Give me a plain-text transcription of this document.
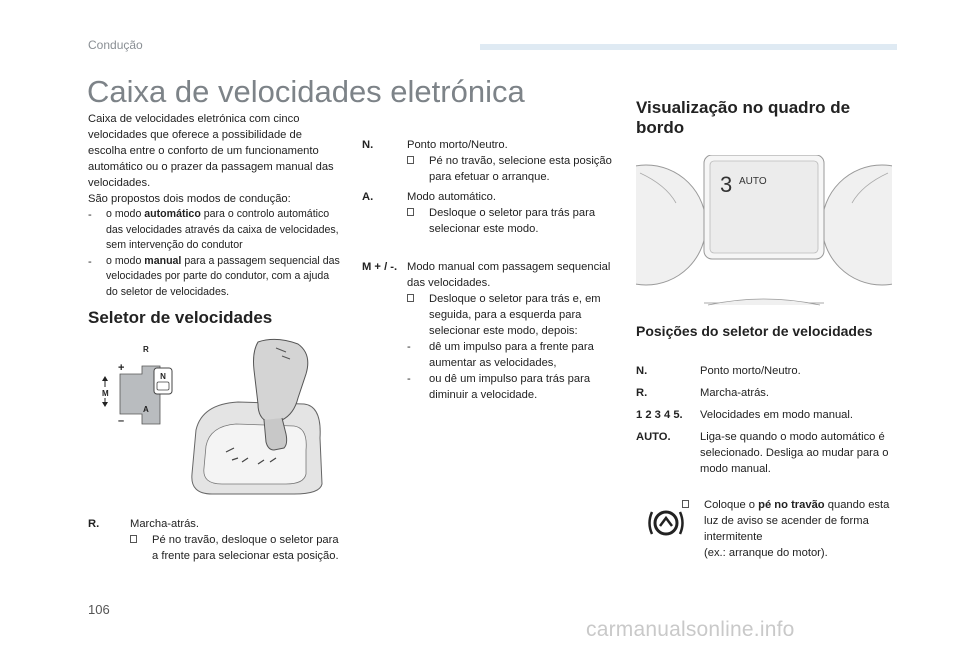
Condução
Caixa de velocidades eletrónica
Caixa de velocidades eletrónica com cinco velocidades que oferece a possibilidade de escolha entre o conforto de um funcionamento automático ou o prazer da passagem manual das velocidades.
São propostos dois modos de condução:
-	o modo automático para o controlo automático das velocidades através da caixa de velocidades, sem intervenção do condutor
-	o modo manual para a passagem sequencial das velocidades por parte do condutor, com a ajuda do seletor de velocidades.
Seletor de velocidades
N
R
A
M
+
–
R.	Marcha-atrás.
Pé no travão, desloque o seletor para a frente para selecionar esta posição.
N.	Ponto morto/Neutro.
Pé no travão, selecione esta posição para efetuar o arranque.
A.	Modo automático.
Desloque o seletor para trás para selecionar este modo.
M + / -. Modo manual com passagem sequencial das velocidades.
Desloque o seletor para trás e, em seguida, para a esquerda para selecionar este modo, depois:
-	dê um impulso para a frente para aumentar as velocidades,
-	ou dê um impulso para trás para diminuir a velocidade.
Visualização no quadro de bordo
3 AUTO
Posições do seletor de velocidades
N.	Ponto morto/Neutro.
R.	Marcha-atrás.
1 2 3 4 5.	Velocidades em modo manual.
AUTO.	Liga-se quando o modo automático é selecionado. Desliga ao mudar para o modo manual.
Coloque o pé no travão quando esta luz de aviso se acender de forma intermitente
(ex.: arranque do motor).
106
carmanualsonline.info
